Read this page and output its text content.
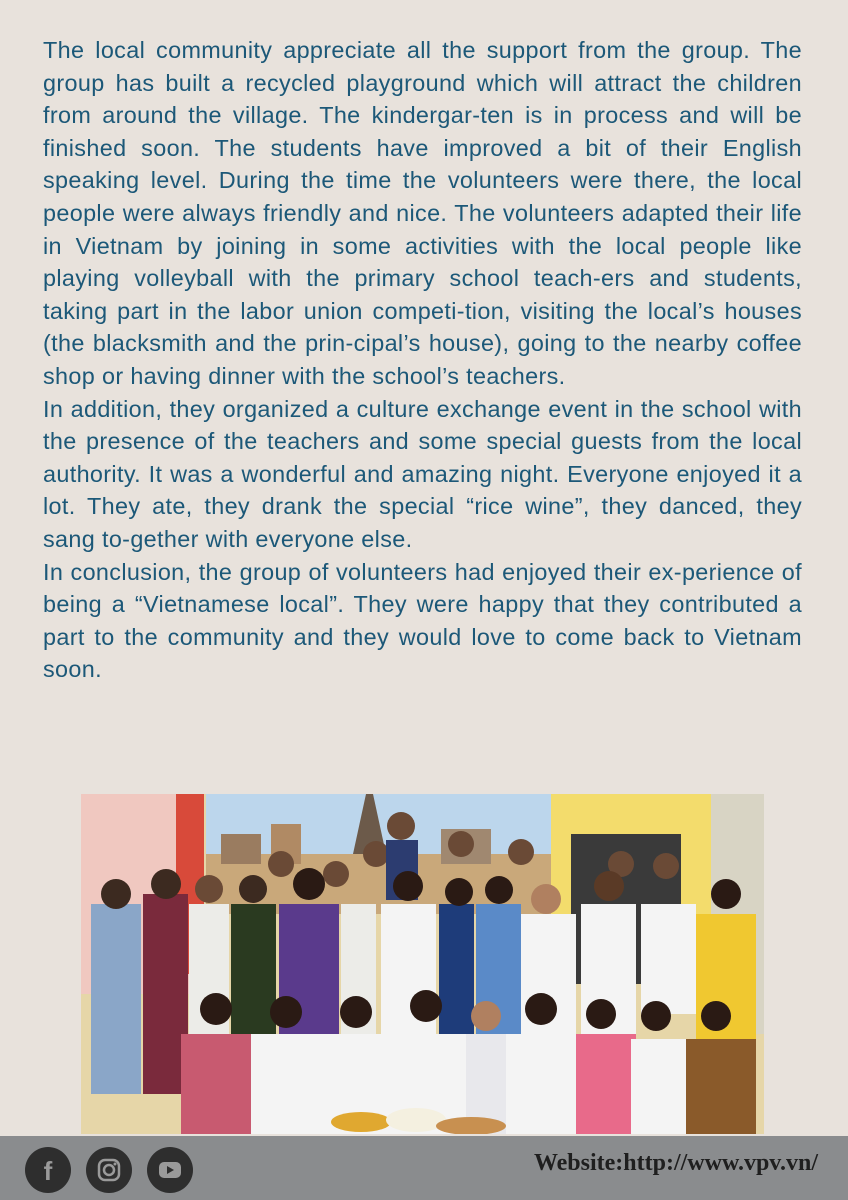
The local community appreciate all the support from the group. The group has built a recycled playground which will attract the children from around the village. The kindergar-ten is in process and will be finished soon. The students have improved a bit of their English speaking level. During the time the volunteers were there, the local people were always friendly and nice. The volunteers adapted their life in Vietnam by joining in some activities with the local people like playing volleyball with the primary school teach-ers and students, taking part in the labor union competi-tion, visiting the local’s houses (the blacksmith and the prin-cipal’s house), going to the nearby coffee shop or having dinner with the school’s teachers.

In addition, they organized a culture exchange event in the school with the presence of the teachers and some special guests from the local authority. It was a wonderful and amazing night. Everyone enjoyed it a lot. They ate, they drank the special “rice wine”, they danced, they sang to-gether with everyone else.

In conclusion, the group of volunteers had enjoyed their ex-perience of being a “Vietnamese local”. They were happy that they contributed a part to the community and they would love to come back to Vietnam soon.

f	Website:http://www.vpv.vn/
